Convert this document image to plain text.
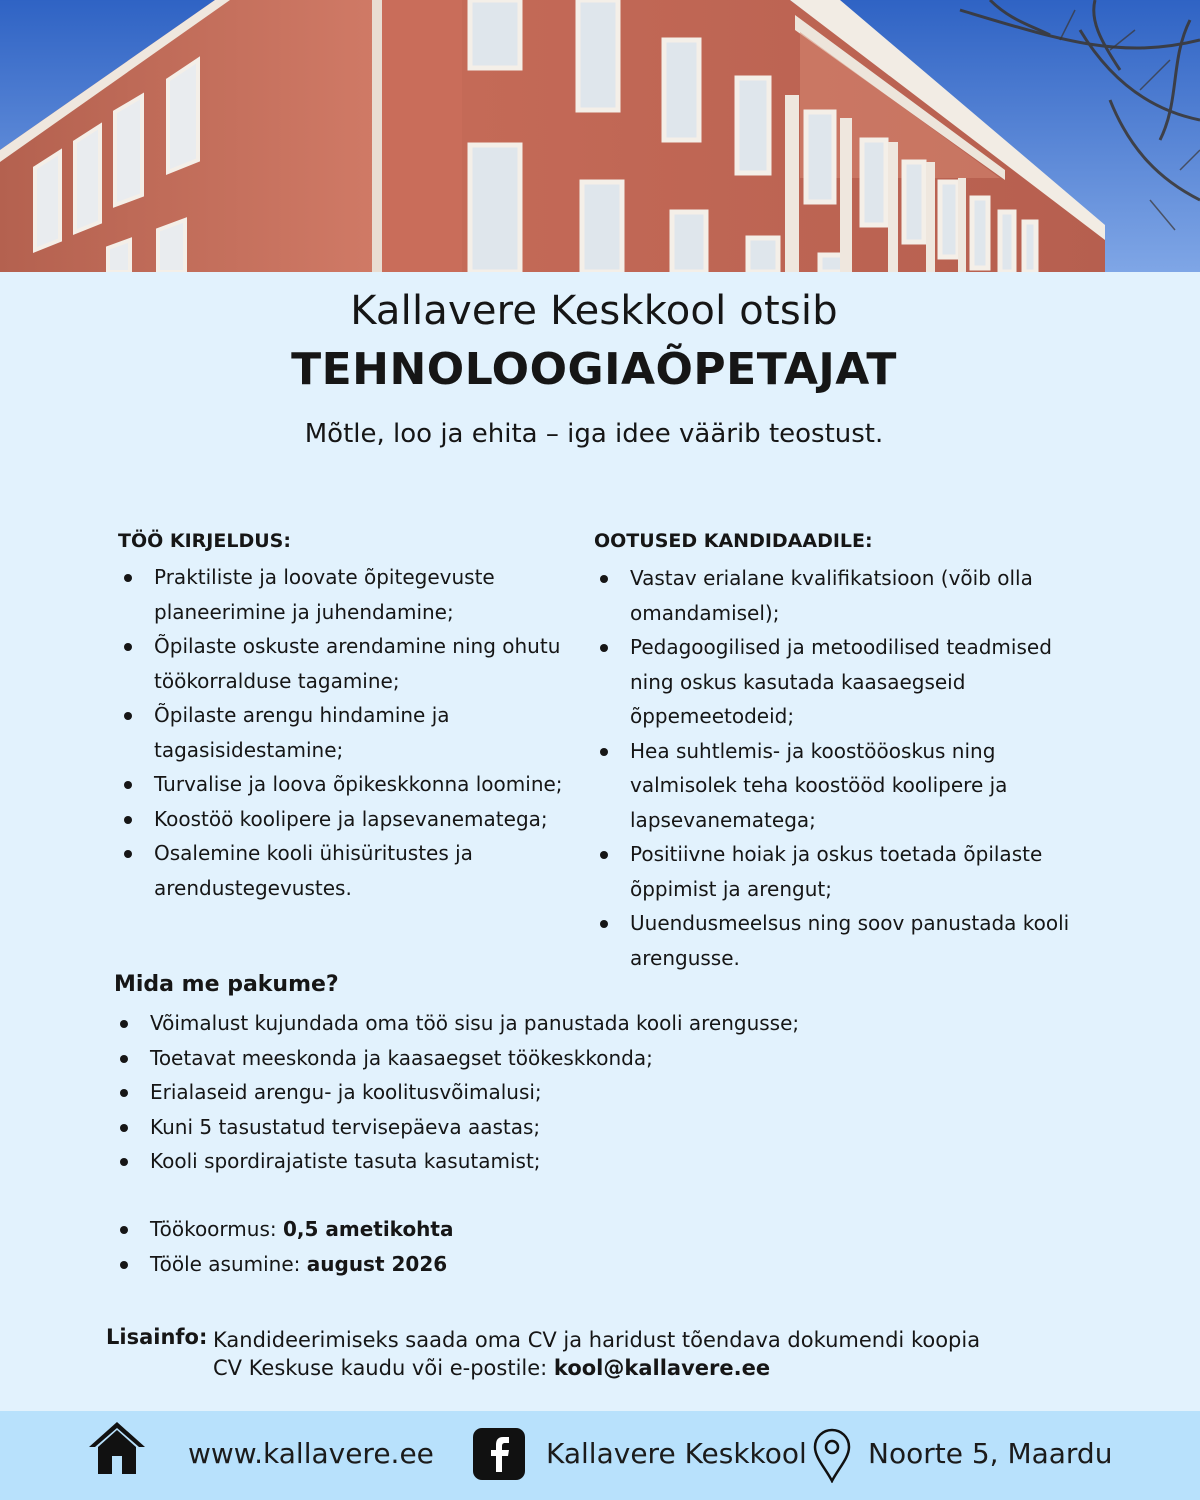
Kallavere Keskkool otsib
TEHNOLOOGIAÕPETAJAT
Mõtle, loo ja ehita – iga idee väärib teostust.
TÖÖ KIRJELDUS:
Praktiliste ja loovate õpitegevuste planeerimine ja juhendamine;
Õpilaste oskuste arendamine ning ohutu töökorralduse tagamine;
Õpilaste arengu hindamine ja tagasisidestamine;
Turvalise ja loova õpikeskkonna loomine;
Koostöö koolipere ja lapsevanematega;
Osalemine kooli ühisüritustes ja arendustegevustes.
OOTUSED KANDIDAADILE:
Vastav erialane kvalifikatsioon (võib olla omandamisel);
Pedagoogilised ja metoodilised teadmised ning oskus kasutada kaasaegseid õppemeetodeid;
Hea suhtlemis- ja koostööoskus ning valmisolek teha koostööd koolipere ja lapsevanematega;
Positiivne hoiak ja oskus toetada õpilaste õppimist ja arengut;
Uuendusmeelsus ning soov panustada kooli arengusse.
Mida me pakume?
Võimalust kujundada oma töö sisu ja panustada kooli arengusse;
Toetavat meeskonda ja kaasaegset töökeskkonda;
Erialaseid arengu- ja koolitusvõimalusi;
Kuni 5 tasustatud tervisepäeva aastas;
Kooli spordirajatiste tasuta kasutamist;
Töökoormus: 0,5 ametikohta
Tööle asumine: august 2026
Lisainfo: Kandideerimiseks saada oma CV ja haridust tõendava dokumendi koopia
CV Keskuse kaudu või e-postile: kool@kallavere.ee
www.kallavere.ee	Kallavere Keskkool Noorte 5, Maardu
